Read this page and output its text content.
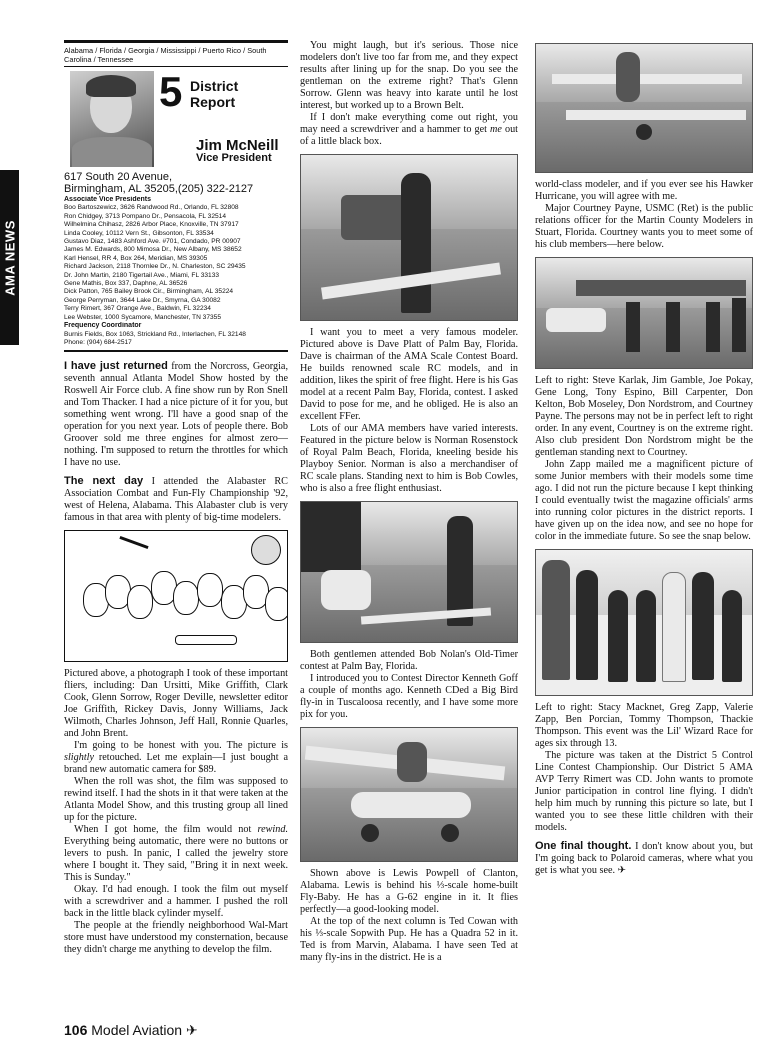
AMA NEWS
Alabama / Florida / Georgia / Mississippi / Puerto Rico / South Carolina / Tennessee
5 District Report
Jim McNeill
Vice President
617 South 20 Avenue,
Birmingham, AL 35205,(205) 322-2127
Associate Vice Presidents
Boo Bartoszewicz, 3626 Randwood Rd., Orlando, FL 32808
Ron Chidgey, 3713 Pompano Dr., Pensacola, FL 32514
Wilhelmina Chihasz, 2826 Arbor Place, Knoxville, TN 37917
Linda Cooley, 10112 Vern St., Gibsonton, FL 33534
Gustavo Diaz, 1483 Ashford Ave. #701, Condado, PR 00907
James M. Edwards, 800 Mimosa Dr., New Albany, MS 38652
Karl Hensel, RR 4, Box 264, Meridian, MS 39305
Richard Jackson, 2118 Thornlee Dr., N. Charleston, SC 29435
Dr. John Martin, 2180 Tigertail Ave., Miami, FL 33133
Gene Mathis, Box 337, Daphne, AL 36526
Dick Patton, 765 Bailey Brook Cir., Birmingham, AL 35224
George Perryman, 3644 Lake Dr., Smyrna, GA 30082
Terry Rimert, 367 Orange Ave., Baldwin, FL 32234
Lee Webster, 1000 Sycamore, Manchester, TN 37355
Frequency Coordinator
Burnis Fields, Box 1063, Strickland Rd., Interlachen, FL 32148
Phone: (904) 684-2517

I have just returned from the Norcross, Georgia, seventh annual Atlanta Model Show hosted by the Roswell Air Force club. A fine show run by Ron Snell and Tom Thacker. I had a nice picture of it for you, but something went wrong. I'll have a good snap of the operation for you next year. Lots of people there. Bob Groover sold me three engines for almost zero—nothing. I'm supposed to return the throttles for which I have no use.

The next day I attended the Alabaster RC Association Combat and Fun-Fly Championship '92, west of Helena, Alabama. This Alabaster club is very famous in that area with plenty of big-time modelers.

Pictured above, a photograph I took of these important fliers, including: Dan Ursitti, Mike Griffith, Clark Cook, Glenn Sorrow, Roger Deville, newsletter editor Joe Griffith, Rickey Davis, Jonny Williams, Jack Wilmoth, Charles Johnson, Jeff Hall, Ronnie Quarles, and John Brent.

I'm going to be honest with you. The picture is slightly retouched. Let me explain—I just bought a brand new automatic camera for $89.

When the roll was shot, the film was supposed to rewind itself. I had the shots in it that were taken at the Atlanta Model Show, and this trusting group all lined up for the picture.

When I got home, the film would not rewind. Everything being automatic, there were no buttons or levers to push. In panic, I called the jewelry store where I bought it. They said, "Bring it in next week. This is Sunday."

Okay. I'd had enough. I took the film out myself with a screwdriver and a hammer. I pushed the roll back in the little black cylinder myself.

The people at the friendly neighborhood Wal-Mart store must have understood my consternation, because they didn't charge me anything to develop the film.

You might laugh, but it's serious. Those nice modelers don't live too far from me, and they expect results after lining up for the snap. Do you see the gentleman on the extreme right? That's Glenn Sorrow. Glenn was heavy into karate until he lost interest, but worked up to a Brown Belt.

If I don't make everything come out right, you may need a screwdriver and a hammer to get me out of a little black box.

I want you to meet a very famous modeler. Pictured above is Dave Platt of Palm Bay, Florida. Dave is chairman of the AMA Scale Contest Board. He builds renowned scale RC models, and in addition, likes the spirit of free flight. Here is his Gas model at a recent Palm Bay, Florida, contest. I asked David to pose for me, and he obliged. He is also an excellent FFer.

Lots of our AMA members have varied interests. Featured in the picture below is Norman Rosenstock of Royal Palm Beach, Florida, kneeling beside his Playboy Senior. Norman is also a merchandiser of RC scale plans. Standing next to him is Bob Cowles, who is also a free flight enthusiast.

Both gentlemen attended Bob Nolan's Old-Timer contest at Palm Bay, Florida.

I introduced you to Contest Director Kenneth Goff a couple of months ago. Kenneth CDed a Big Bird fly-in in Tuscaloosa recently, and I have some more pix for you.

Shown above is Lewis Powpell of Clanton, Alabama. Lewis is behind his ⅓-scale home-built Fly-Baby. He has a G-62 engine in it. It flies perfectly—a good-looking model.

At the top of the next column is Ted Cowan with his ⅓-scale Sopwith Pup. He has a Quadra 52 in it. Ted is from Marvin, Alabama. I have seen Ted at many fly-ins in the district. He is a

world-class modeler, and if you ever see his Hawker Hurricane, you will agree with me.

Major Courtney Payne, USMC (Ret) is the public relations officer for the Martin County Modelers in Stuart, Florida. Courtney wants you to meet some of his club members—here below.

Left to right: Steve Karlak, Jim Gamble, Joe Pokay, Gene Long, Tony Espino, Bill Carpenter, Don Kelton, Bob Moseley, Don Nordstrom, and Courtney Payne. The persons may not be in perfect left to right order. In any event, Courtney is on the extreme right. Also club president Don Nordstrom might be the gentleman standing next to Courtney.

John Zapp mailed me a magnificent picture of some Junior members with their models some time ago. I did not run the picture because I kept thinking I could eventually twist the magazine officials' arms into running color pictures in the district reports. I have given up on the idea now, and see no hope for color in the immediate future. So see the snap below.

Left to right: Stacy Macknet, Greg Zapp, Valerie Zapp, Ben Porcian, Tommy Thompson, Thackie Thompson. This event was the Lil' Wizard Race for ages six through 13.

The picture was taken at the District 5 Control Line Contest Championship. Our District 5 AMA AVP Terry Rimert was CD. John wants to promote Junior participation in control line flying. I didn't help him much by running this picture so late, but I wanted you to see these little children with their models.

One final thought. I don't know about you, but I'm going back to Polaroid cameras, where what you get is what you see. ✈

106 Model Aviation ✈
